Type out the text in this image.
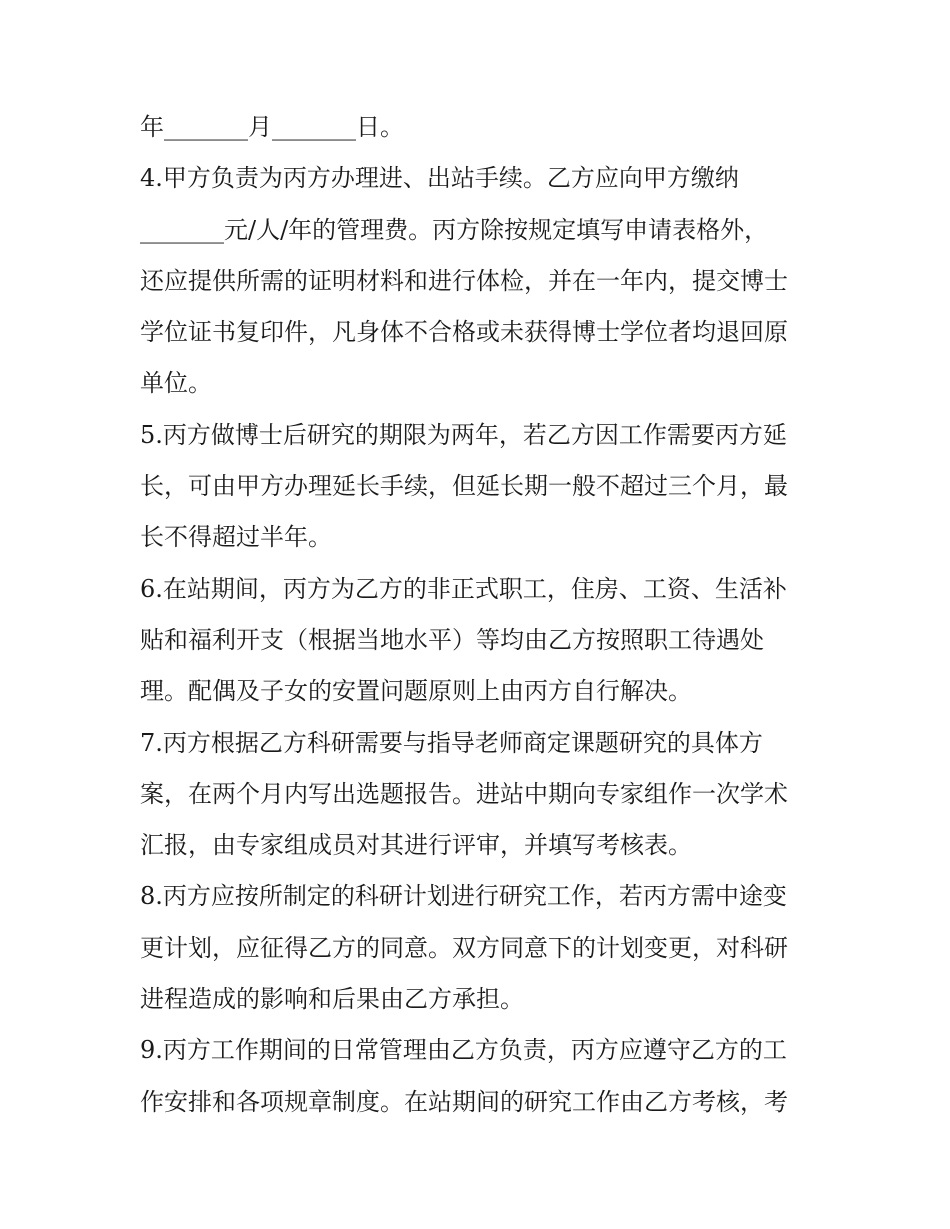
年_______月_______日。
4.甲方负责为丙方办理进、出站手续。乙方应向甲方缴纳
_______元/人/年的管理费。丙方除按规定填写申请表格外，
还应提供所需的证明材料和进行体检，并在一年内，提交博士
学位证书复印件，凡身体不合格或未获得博士学位者均退回原
单位。
5.丙方做博士后研究的期限为两年，若乙方因工作需要丙方延
长，可由甲方办理延长手续，但延长期一般不超过三个月，最
长不得超过半年。
6.在站期间，丙方为乙方的非正式职工，住房、工资、生活补
贴和福利开支（根据当地水平）等均由乙方按照职工待遇处
理。配偶及子女的安置问题原则上由丙方自行解决。
7.丙方根据乙方科研需要与指导老师商定课题研究的具体方
案，在两个月内写出选题报告。进站中期向专家组作一次学术
汇报，由专家组成员对其进行评审，并填写考核表。
8.丙方应按所制定的科研计划进行研究工作，若丙方需中途变
更计划，应征得乙方的同意。双方同意下的计划变更，对科研
进程造成的影响和后果由乙方承担。
9.丙方工作期间的日常管理由乙方负责，丙方应遵守乙方的工
作安排和各项规章制度。在站期间的研究工作由乙方考核，考
